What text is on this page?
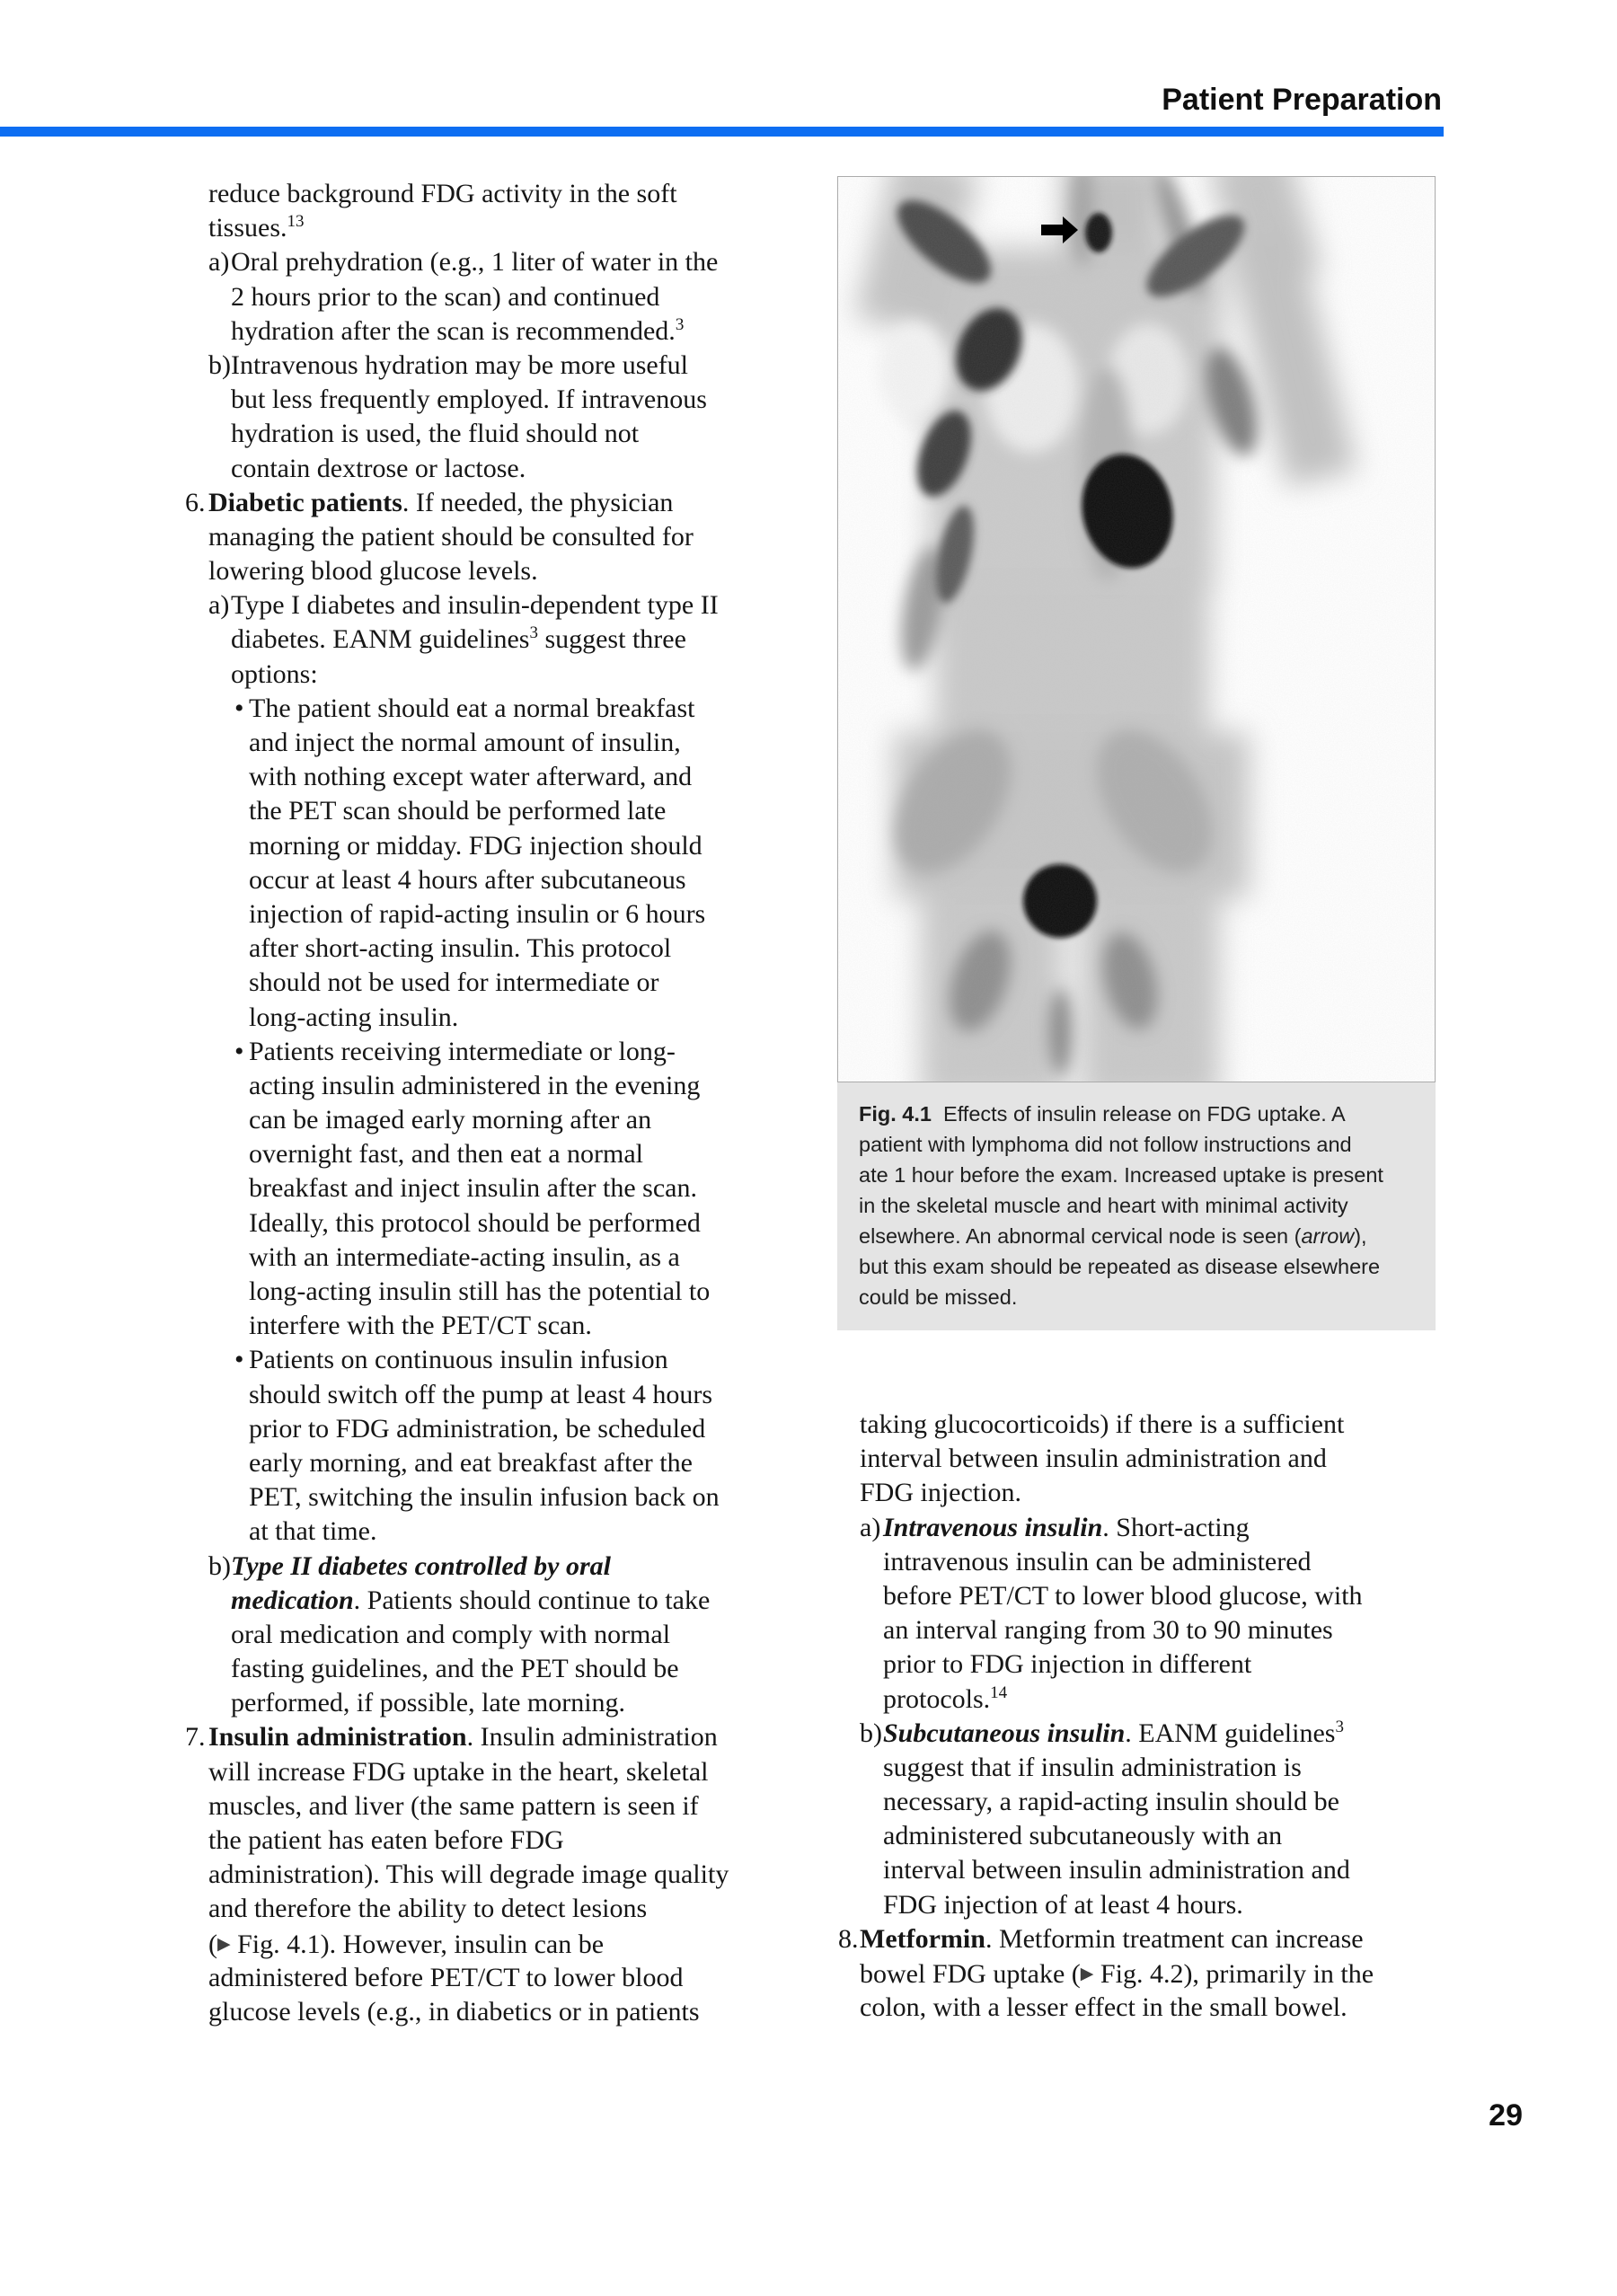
Patient Preparation
reduce background FDG activity in the soft
tissues.$^{13}$
a) Oral prehydration (e.g., 1 liter of water in the
2 hours prior to the scan) and continued
hydration after the scan is recommended.$^3$
b) Intravenous hydration may be more useful
but less frequently employed. If intravenous
hydration is used, the fluid should not
contain dextrose or lactose.
6. Diabetic patients. If needed, the physician
managing the patient should be consulted for
lowering blood glucose levels.
a) Type I diabetes and insulin-dependent type II
diabetes. EANM guidelines$^3$ suggest three
options:
• The patient should eat a normal breakfast
and inject the normal amount of insulin,
with nothing except water afterward, and
the PET scan should be performed late
morning or midday. FDG injection should
occur at least 4 hours after subcutaneous
injection of rapid-acting insulin or 6 hours
after short-acting insulin. This protocol
should not be used for intermediate or
long-acting insulin.
• Patients receiving intermediate or long-
acting insulin administered in the evening
can be imaged early morning after an
overnight fast, and then eat a normal
breakfast and inject insulin after the scan.
Ideally, this protocol should be performed
with an intermediate-acting insulin, as a
long-acting insulin still has the potential to
interfere with the PET/CT scan.
• Patients on continuous insulin infusion
should switch off the pump at least 4 hours
prior to FDG administration, be scheduled
early morning, and eat breakfast after the
PET, switching the insulin infusion back on
at that time.
b) Type II diabetes controlled by oral
medication. Patients should continue to take
oral medication and comply with normal
fasting guidelines, and the PET should be
performed, if possible, late morning.
7. Insulin administration. Insulin administration
will increase FDG uptake in the heart, skeletal
muscles, and liver (the same pattern is seen if
the patient has eaten before FDG
administration). This will degrade image quality
and therefore the ability to detect lesions
(▶ Fig. 4.1). However, insulin can be
administered before PET/CT to lower blood
glucose levels (e.g., in diabetics or in patients
Fig. 4.1  Effects of insulin release on FDG uptake. A
patient with lymphoma did not follow instructions and
ate 1 hour before the exam. Increased uptake is present
in the skeletal muscle and heart with minimal activity
elsewhere. An abnormal cervical node is seen (arrow),
but this exam should be repeated as disease elsewhere
could be missed.
taking glucocorticoids) if there is a sufficient
interval between insulin administration and
FDG injection.
a) Intravenous insulin. Short-acting
intravenous insulin can be administered
before PET/CT to lower blood glucose, with
an interval ranging from 30 to 90 minutes
prior to FDG injection in different
protocols.$^{14}$
b) Subcutaneous insulin. EANM guidelines$^3$
suggest that if insulin administration is
necessary, a rapid-acting insulin should be
administered subcutaneously with an
interval between insulin administration and
FDG injection of at least 4 hours.
8. Metformin. Metformin treatment can increase
bowel FDG uptake (▶ Fig. 4.2), primarily in the
colon, with a lesser effect in the small bowel.
29
